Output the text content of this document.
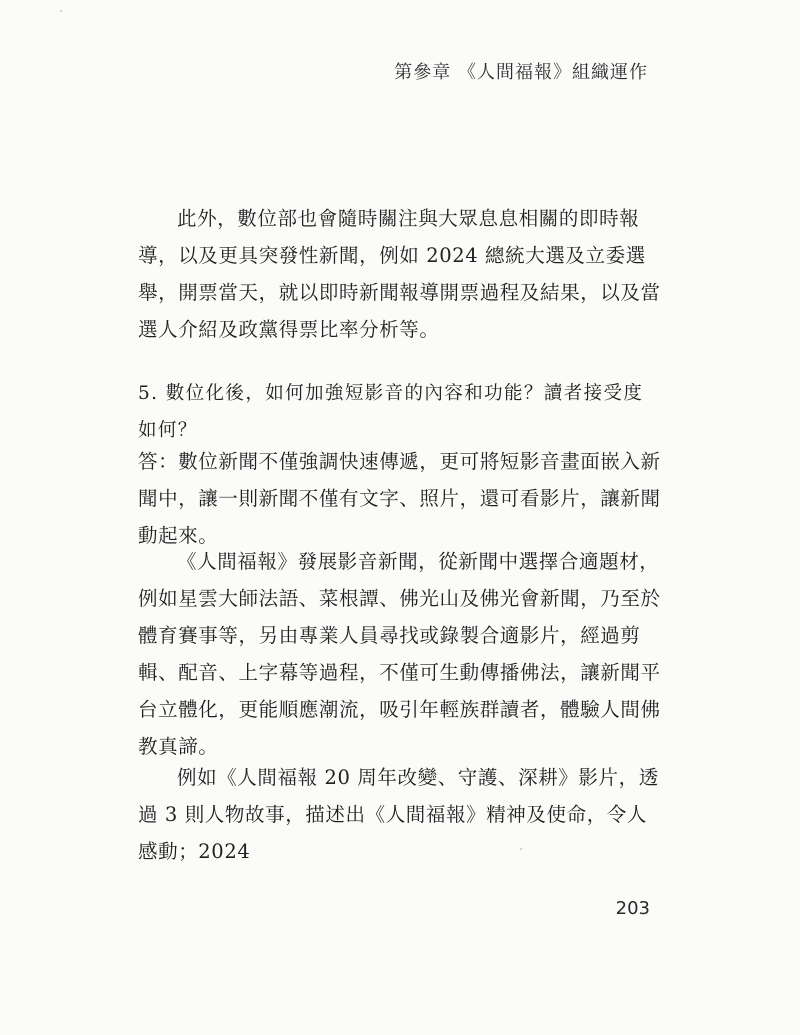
第參章 《人間福報》組織運作

此外，數位部也會隨時關注與大眾息息相關的即時報導，以及更具突發性新聞，例如 2024 總統大選及立委選舉，開票當天，就以即時新聞報導開票過程及結果，以及當選人介紹及政黨得票比率分析等。

5. 數位化後，如何加強短影音的內容和功能？讀者接受度如何？

答：數位新聞不僅強調快速傳遞，更可將短影音畫面嵌入新聞中，讓一則新聞不僅有文字、照片，還可看影片，讓新聞動起來。

《人間福報》發展影音新聞，從新聞中選擇合適題材，例如星雲大師法語、菜根譚、佛光山及佛光會新聞，乃至於體育賽事等，另由專業人員尋找或錄製合適影片，經過剪輯、配音、上字幕等過程，不僅可生動傳播佛法，讓新聞平台立體化，更能順應潮流，吸引年輕族群讀者，體驗人間佛教真諦。

例如《人間福報 20 周年改變、守護、深耕》影片，透過 3 則人物故事，描述出《人間福報》精神及使命，令人感動；2024

203
